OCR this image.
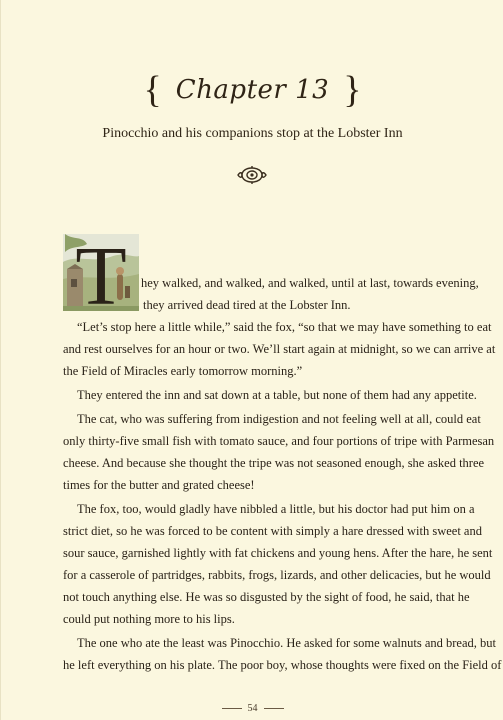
{ Chapter 13 }
Pinocchio and his companions stop at the Lobster Inn
T hey walked, and walked, and walked, until at last, towards evening,
they arrived dead tired at the Lobster Inn.
“Let’s stop here a little while,” said the fox, “so that we may have something to eat
and rest ourselves for an hour or two. We’ll start again at midnight, so we can arrive at
the Field of Miracles early tomorrow morning.”
They entered the inn and sat down at a table, but none of them had any appetite.
The cat, who was suffering from indigestion and not feeling well at all, could eat
only thirty-five small fish with tomato sauce, and four portions of tripe with Parmesan
cheese. And because she thought the tripe was not seasoned enough, she asked three
times for the butter and grated cheese!
The fox, too, would gladly have nibbled a little, but his doctor had put him on a
strict diet, so he was forced to be content with simply a hare dressed with sweet and
sour sauce, garnished lightly with fat chickens and young hens. After the hare, he sent
for a casserole of partridges, rabbits, frogs, lizards, and other delicacies, but he would
not touch anything else. He was so disgusted by the sight of food, he said, that he
could put nothing more to his lips.
The one who ate the least was Pinocchio. He asked for some walnuts and bread, but
he left everything on his plate. The poor boy, whose thoughts were fixed on the Field of
54
